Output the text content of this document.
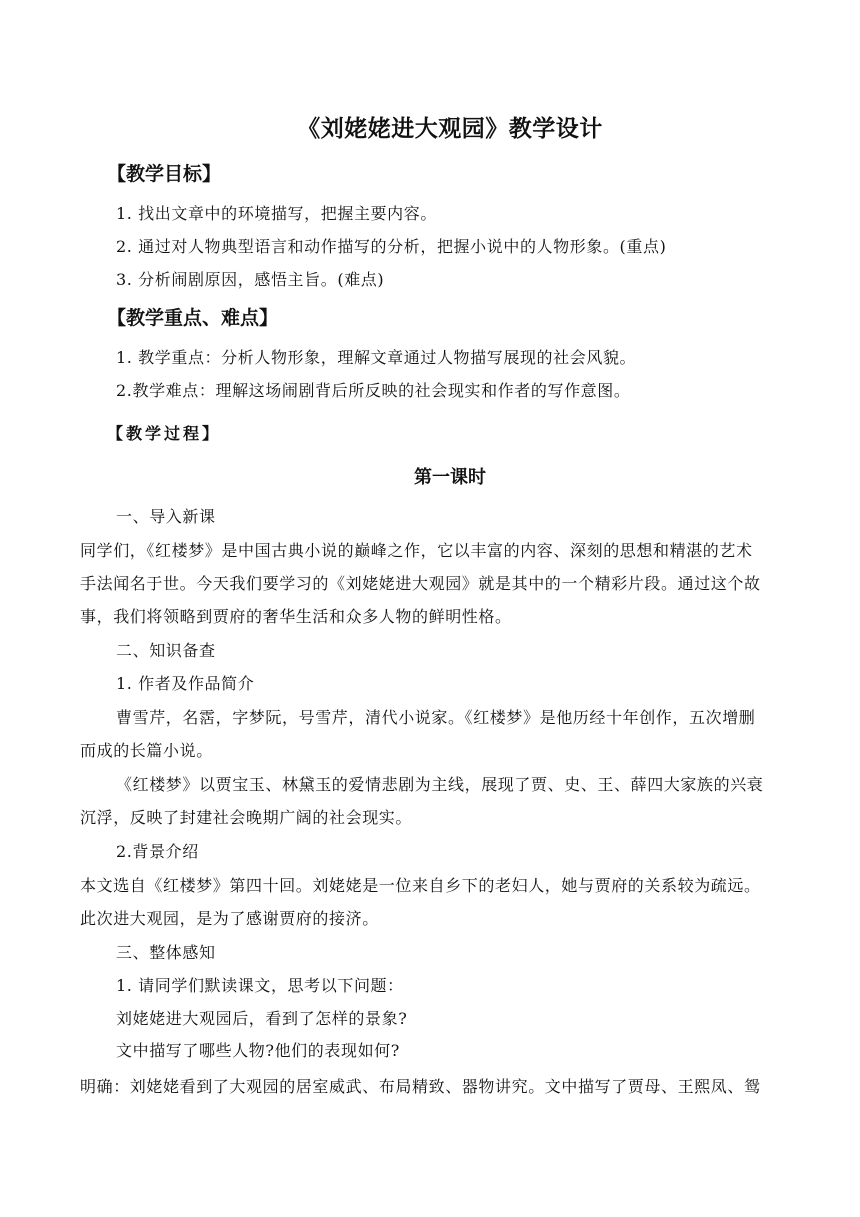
《刘姥姥进大观园》教学设计
【教学目标】
1. 找出文章中的环境描写，把握主要内容。
2. 通过对人物典型语言和动作描写的分析，把握小说中的人物形象。(重点)
3. 分析闹剧原因，感悟主旨。(难点)
【教学重点、难点】
1. 教学重点：分析人物形象，理解文章通过人物描写展现的社会风貌。
2.教学难点：理解这场闹剧背后所反映的社会现实和作者的写作意图。
【教学过程】
第一课时
一、导入新课
同学们，《红楼梦》是中国古典小说的巅峰之作，它以丰富的内容、深刻的思想和精湛的艺术
手法闻名于世。今天我们要学习的《刘姥姥进大观园》就是其中的一个精彩片段。通过这个故
事，我们将领略到贾府的奢华生活和众多人物的鲜明性格。
二、知识备查
1. 作者及作品简介
曹雪芹，名霑，字梦阮，号雪芹，清代小说家。《红楼梦》是他历经十年创作，五次增删
而成的长篇小说。
《红楼梦》以贾宝玉、林黛玉的爱情悲剧为主线，展现了贾、史、王、薛四大家族的兴衰
沉浮，反映了封建社会晚期广阔的社会现实。
2.背景介绍
本文选自《红楼梦》第四十回。刘姥姥是一位来自乡下的老妇人，她与贾府的关系较为疏远。
此次进大观园，是为了感谢贾府的接济。
三、整体感知
1. 请同学们默读课文，思考以下问题：
刘姥姥进大观园后，看到了怎样的景象?
文中描写了哪些人物?他们的表现如何?
明确：刘姥姥看到了大观园的居室威武、布局精致、器物讲究。文中描写了贾母、王熙凤、鸳
